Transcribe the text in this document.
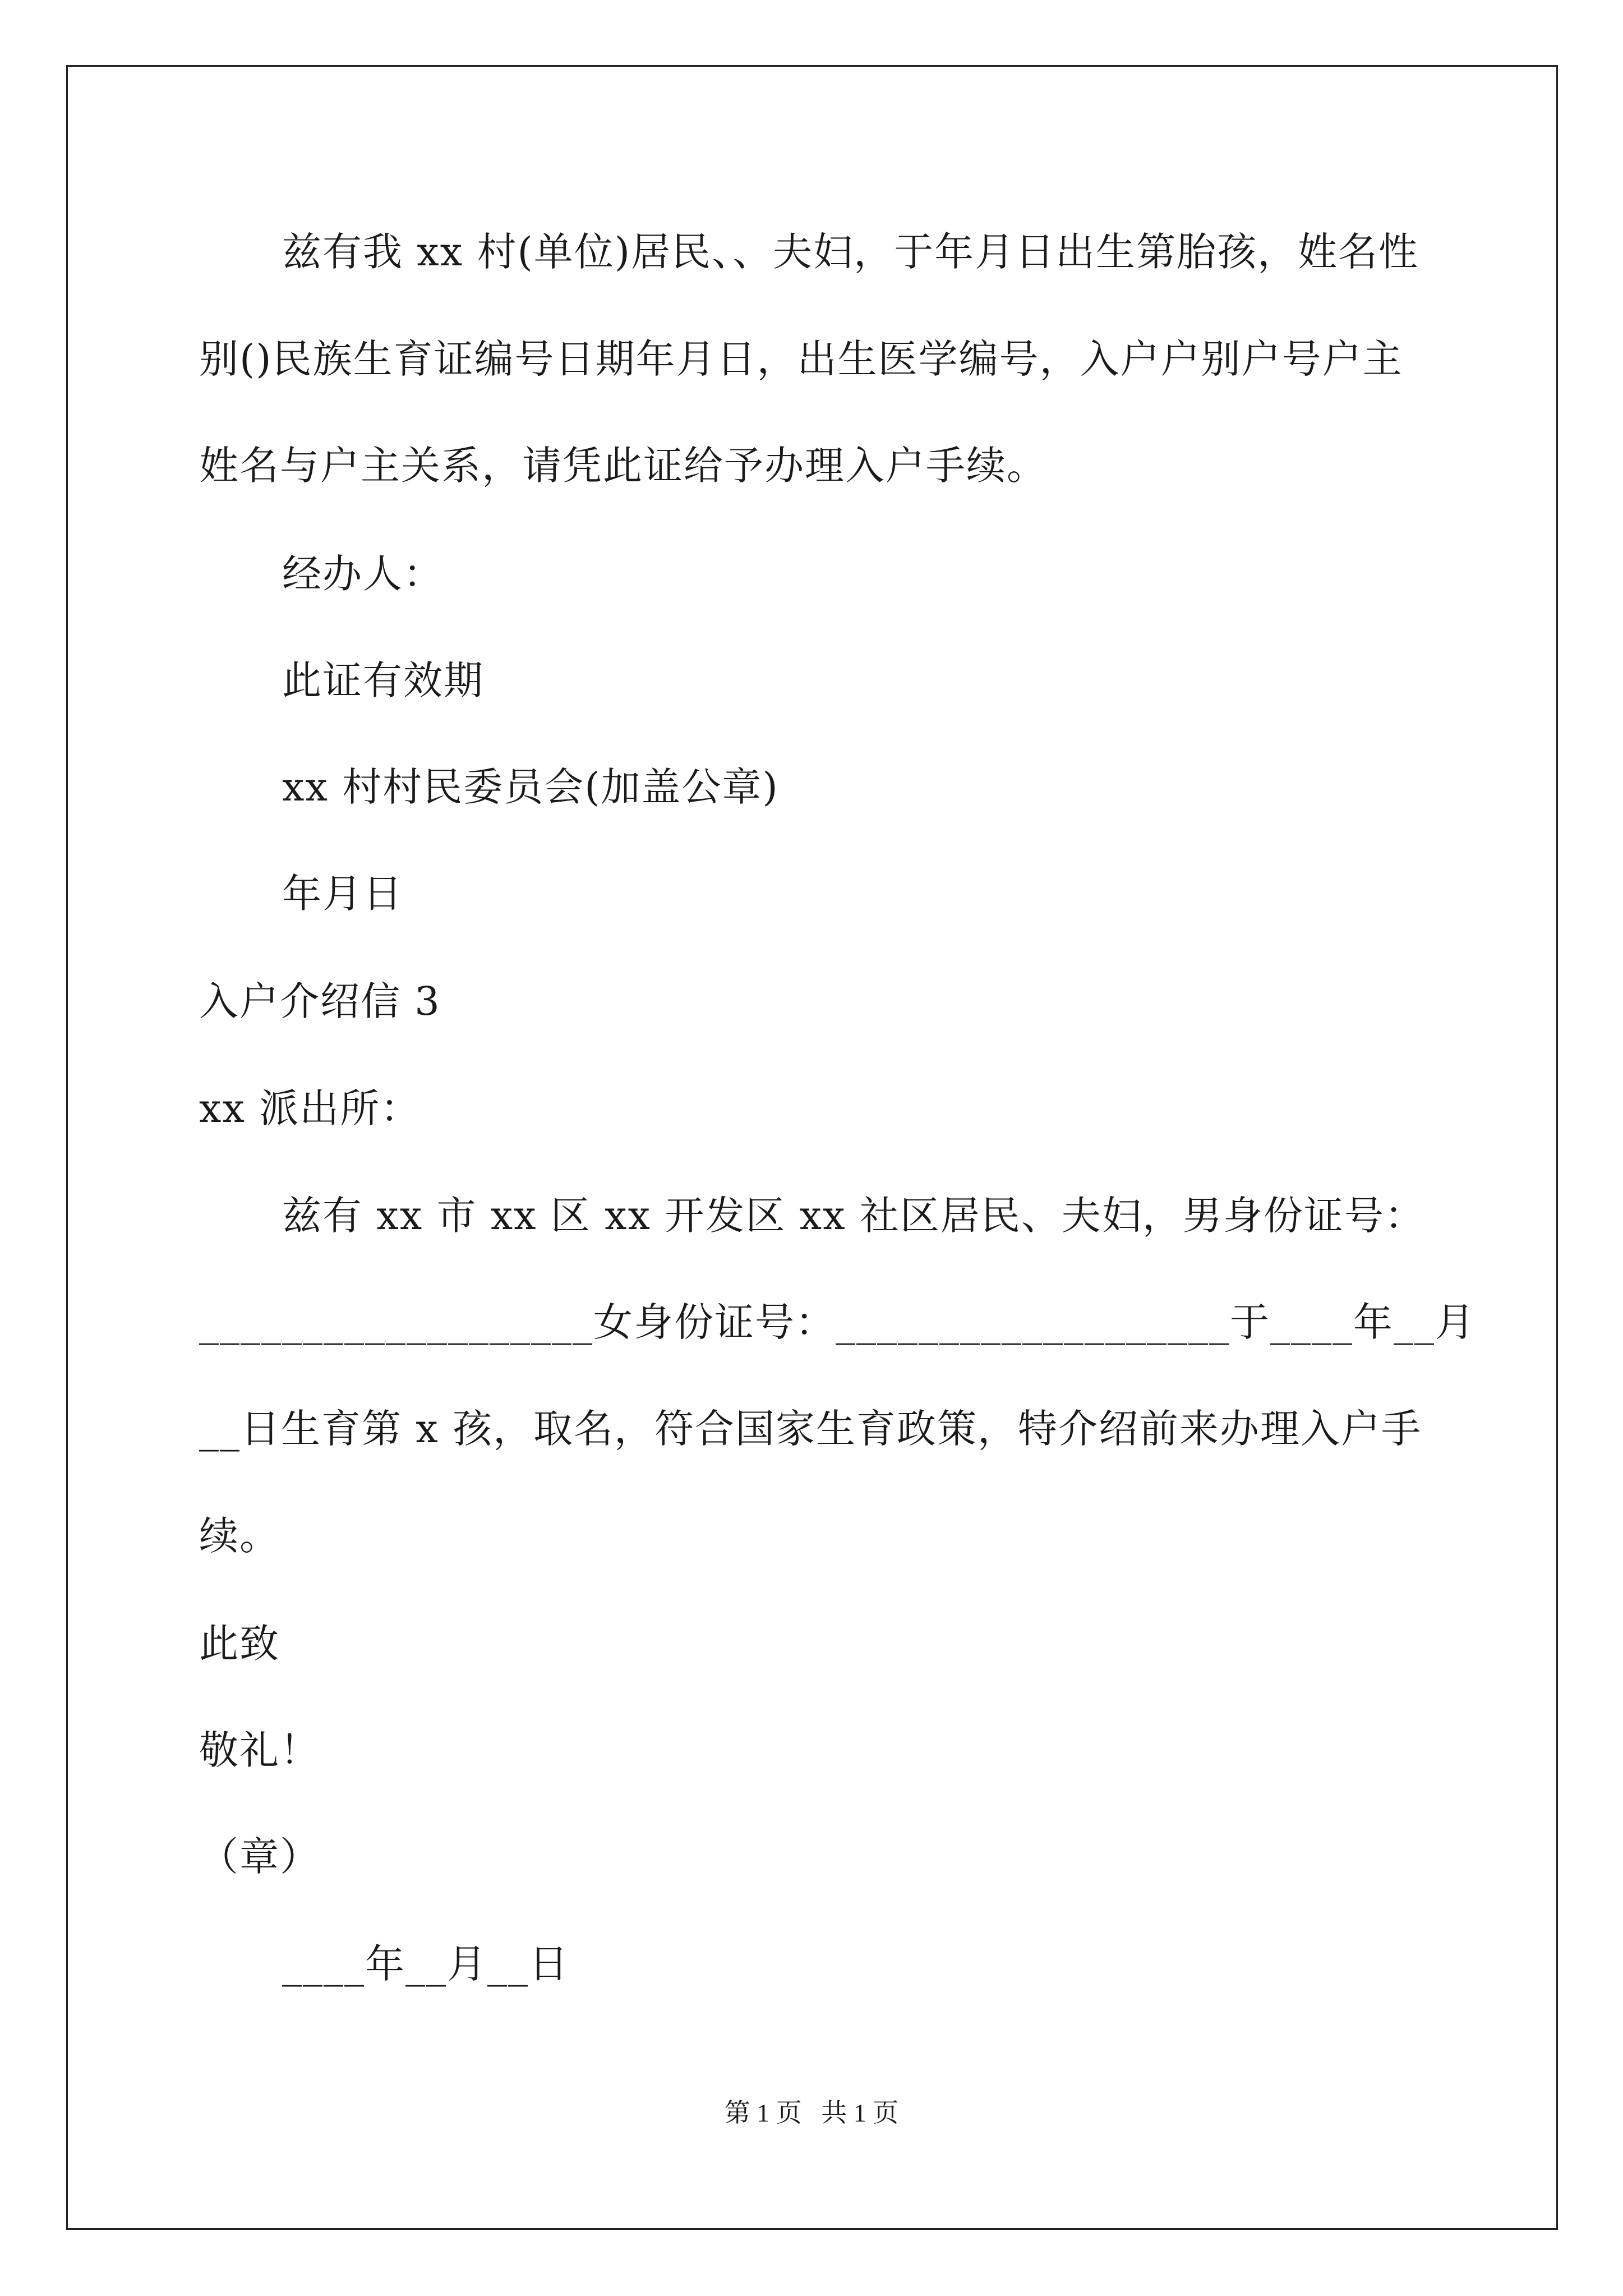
兹有我 xx 村(单位)居民、、夫妇，于年月日出生第胎孩，姓名性
别()民族生育证编号日期年月日，出生医学编号，入户户别户号户主
姓名与户主关系，请凭此证给予办理入户手续。
经办人：
此证有效期
xx 村村民委员会(加盖公章)
年月日
入户介绍信 3
xx 派出所：
兹有 xx 市 xx 区 xx 开发区 xx 社区居民、夫妇，男身份证号：
___________________女身份证号：___________________于____年__月
__日生育第 x 孩，取名，符合国家生育政策，特介绍前来办理入户手
续。
此致
敬礼！
（章）
____年__月__日
第 1 页   共 1 页
